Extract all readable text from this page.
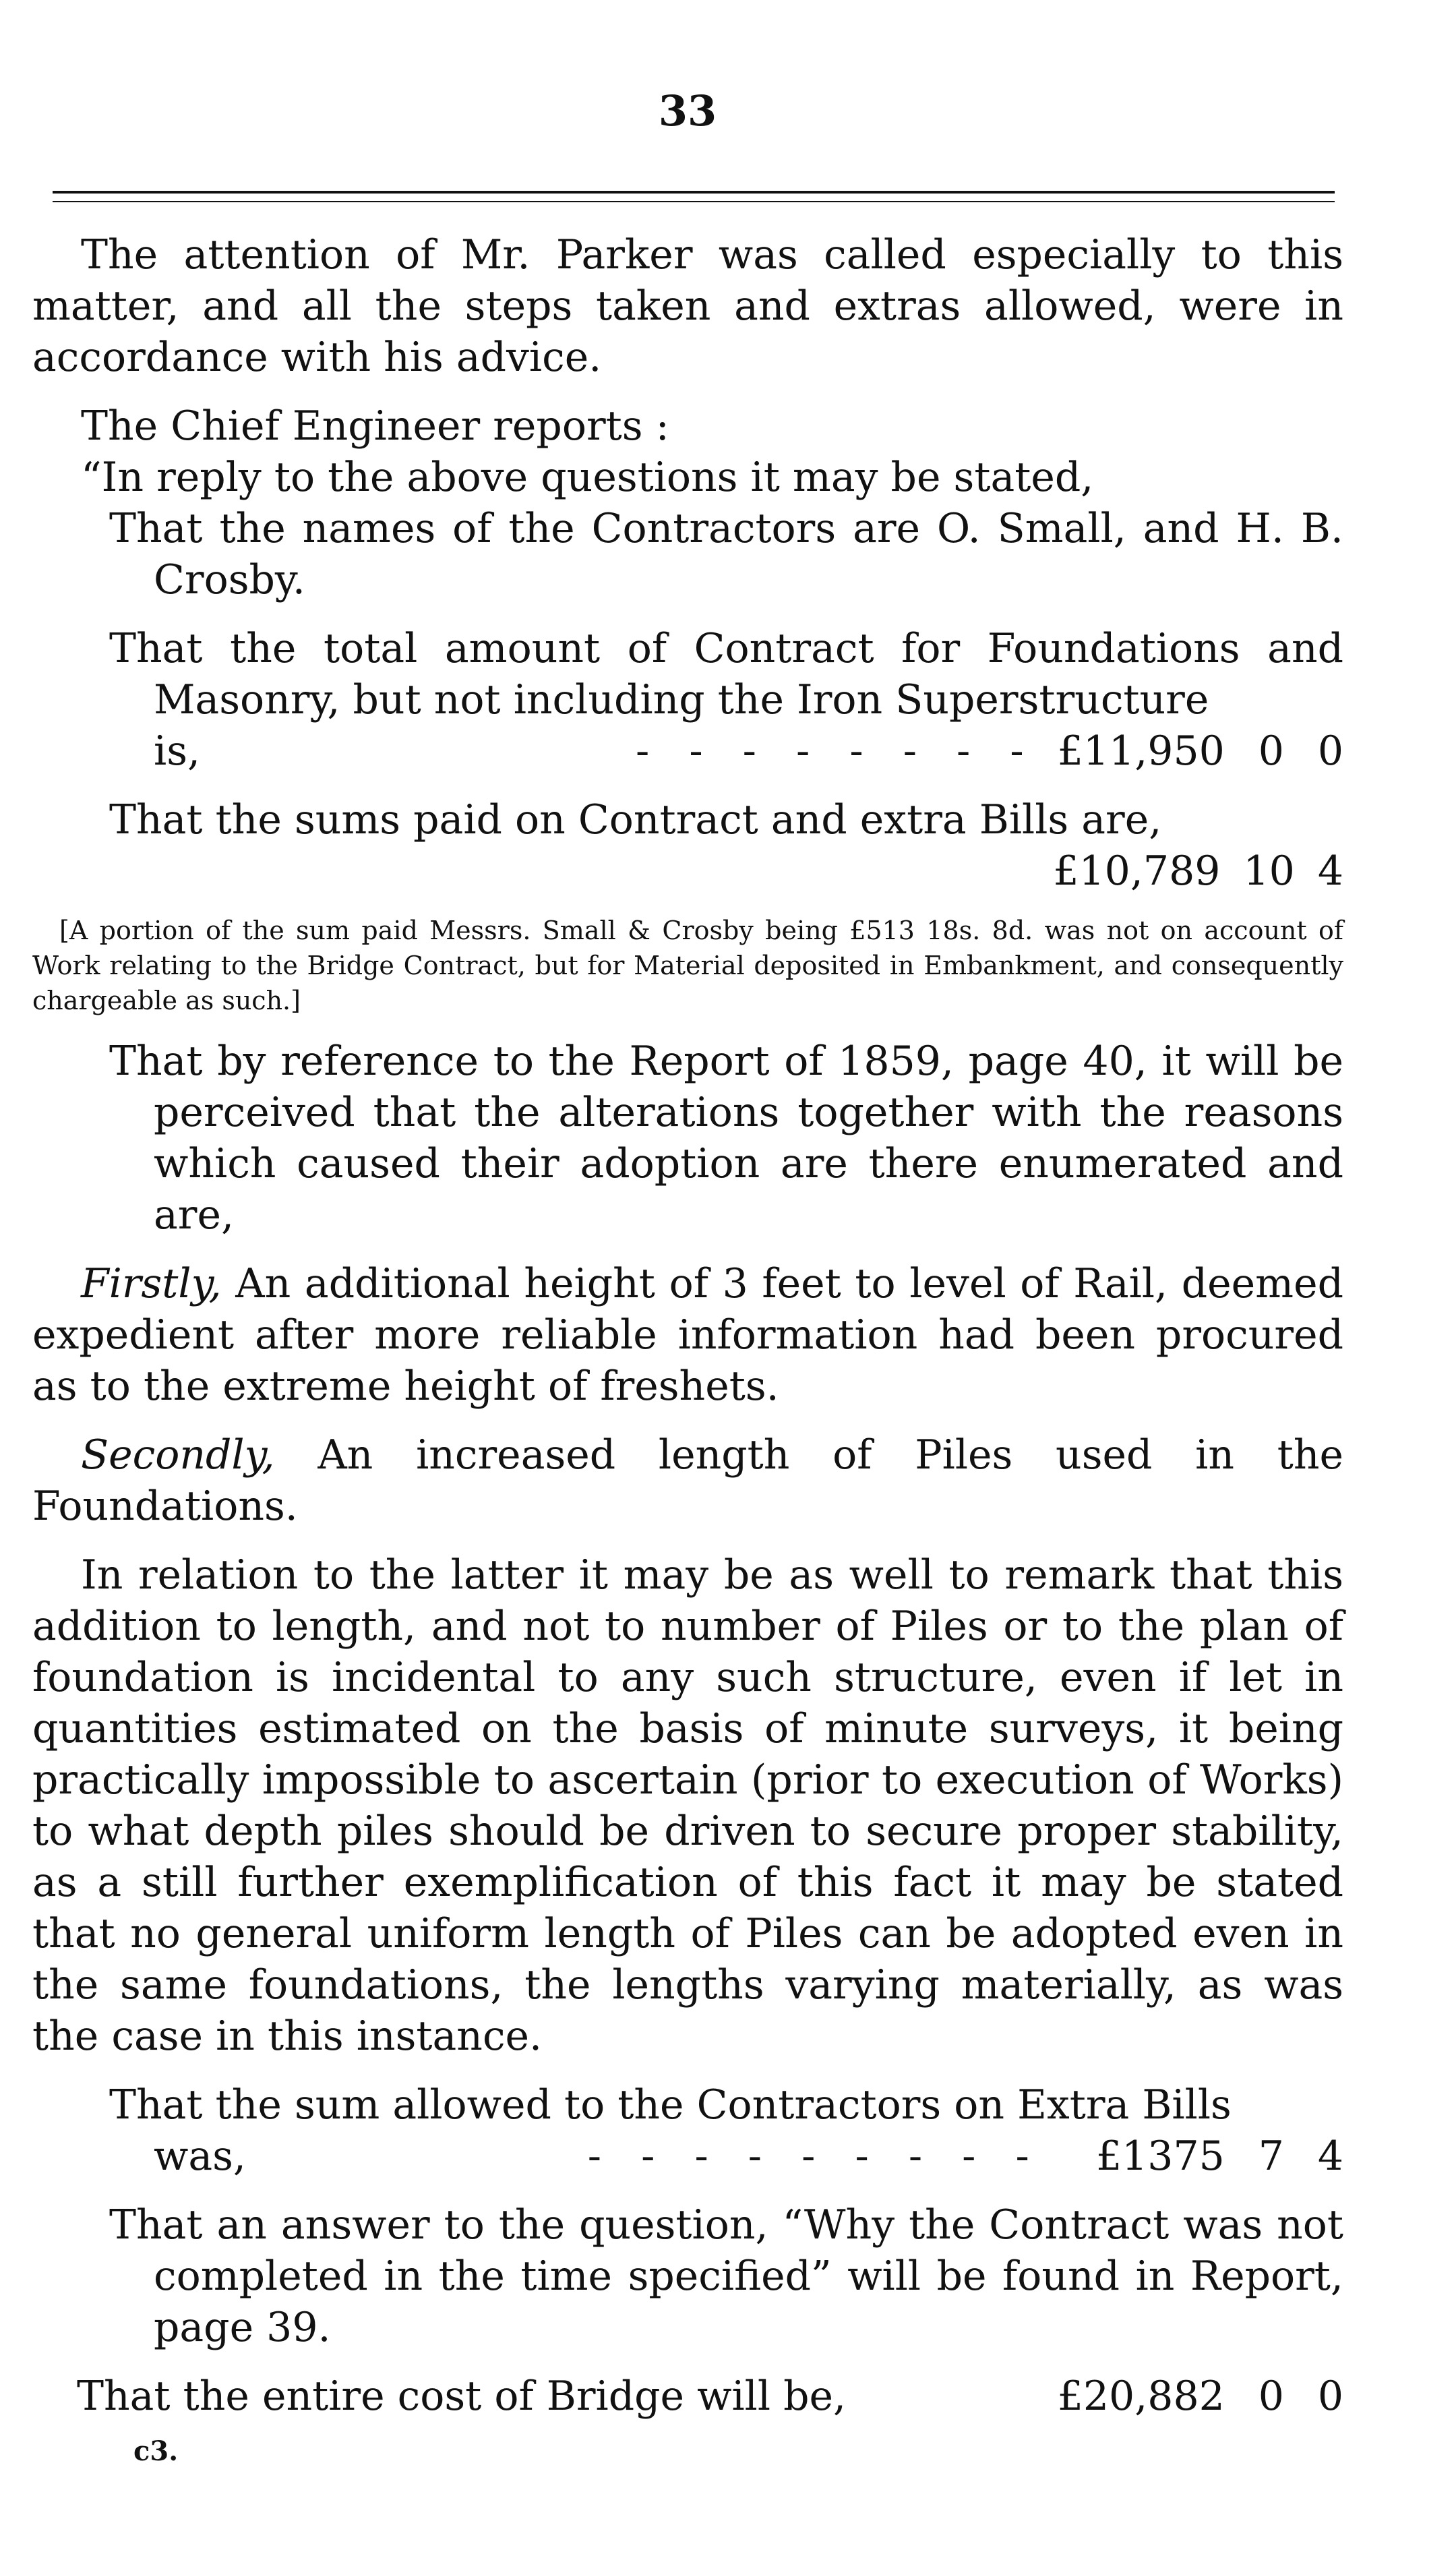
33

The attention of Mr. Parker was called especially to this matter, and all the steps taken and extras allowed, were in accordance with his advice.

The Chief Engineer reports :

“In reply to the above questions it may be stated,

That the names of the Contractors are O. Small, and H. B. Crosby.

That the total amount of Contract for Foundations and Masonry, but not including the Iron Superstructure

is,	- - - - - - - - £11,950 0 0

That the sums paid on Contract and extra Bills are,

£10,789 10 4

[A portion of the sum paid Messrs. Small & Crosby being £513 18s. 8d. was not on account of Work relating to the Bridge Contract, but for Material deposited in Embankment, and consequently chargeable as such.]

That by reference to the Report of 1859, page 40, it will be perceived that the alterations together with the reasons which caused their adoption are there enumerated and are,

Firstly, An additional height of 3 feet to level of Rail, deemed expedient after more reliable information had been procured as to the extreme height of freshets.

Secondly, An increased length of Piles used in the Foundations.

In relation to the latter it may be as well to remark that this addition to length, and not to number of Piles or to the plan of foundation is incidental to any such structure, even if let in quantities estimated on the basis of minute surveys, it being practically impossible to ascertain (prior to execution of Works) to what depth piles should be driven to secure proper stability, as a still further exemplification of this fact it may be stated that no general uniform length of Piles can be adopted even in the same foundations, the lengths varying materially, as was the case in this instance.

That the sum allowed to the Contractors on Extra Bills

was,	- - - - - - - - -	£1375 7 4

That an answer to the question, “Why the Contract was not completed in the time specified” will be found in Report, page 39.

That the entire cost of Bridge will be,	£20,882 0 0

c3.
